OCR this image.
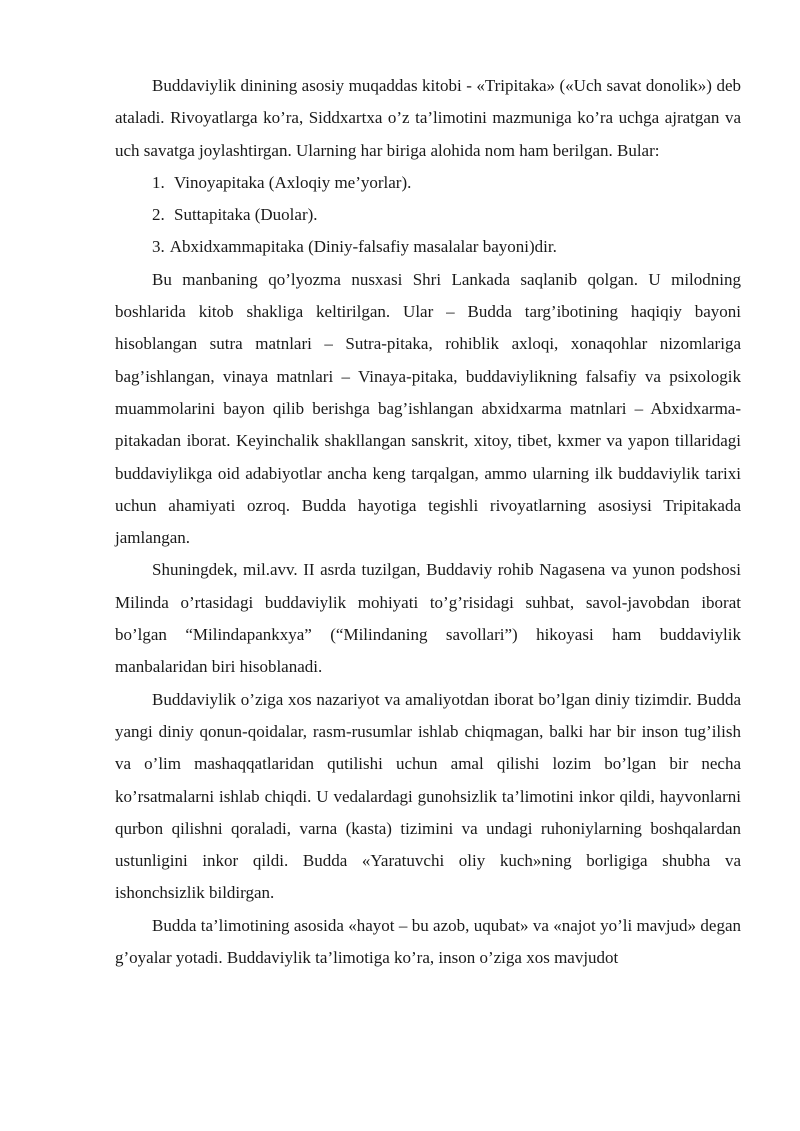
Buddaviylik dinining asosiy muqaddas kitobi - «Tripitaka» («Uch savat donolik») deb ataladi. Rivoyatlarga ko’ra, Siddxartxa o’z ta’limotini mazmuniga ko’ra uchga ajratgan va uch savatga joylashtirgan. Ularning har biriga alohida nom ham berilgan. Bular:

1. Vinoyapitaka (Axloqiy me’yorlar).

2. Suttapitaka (Duolar).

3. Abxidxammapitaka (Diniy-falsafiy masalalar bayoni)dir.

Bu manbaning qo’lyozma nusxasi Shri Lankada saqlanib qolgan. U milodning boshlarida kitob shakliga keltirilgan. Ular – Budda targ’ibotining haqiqiy bayoni hisoblangan sutra matnlari – Sutra-pitaka, rohiblik axloqi, xonaqohlar nizomlariga bag’ishlangan, vinaya matnlari – Vinaya-pitaka, buddaviylikning falsafiy va psixologik muammolarini bayon qilib berishga bag’ishlangan abxidxarma matnlari – Abxidxarma-pitakadan iborat. Keyinchalik shakllangan sanskrit, xitoy, tibet, kxmer va yapon tillaridagi buddaviylikga oid adabiyotlar ancha keng tarqalgan, ammo ularning ilk buddaviylik tarixi uchun ahamiyati ozroq. Budda hayotiga tegishli rivoyatlarning asosiysi Tripitakada jamlangan.

Shuningdek, mil.avv. II asrda tuzilgan, Buddaviy rohib Nagasena va yunon podshosi Milinda o’rtasidagi buddaviylik mohiyati to’g’risidagi suhbat, savol-javobdan iborat bo’lgan “Milindapankxya” (“Milindaning savollari”) hikoyasi ham buddaviylik manbalaridan biri hisoblanadi.

Buddaviylik o’ziga xos nazariyot va amaliyotdan iborat bo’lgan diniy tizimdir. Budda yangi diniy qonun-qoidalar, rasm-rusumlar ishlab chiqmagan, balki har bir inson tug’ilish va o’lim mashaqqatlaridan qutilishi uchun amal qilishi lozim bo’lgan bir necha ko’rsatmalarni ishlab chiqdi. U vedalardagi gunohsizlik ta’limotini inkor qildi, hayvonlarni qurbon qilishni qoraladi, varna (kasta) tizimini va undagi ruhoniylarning boshqalardan ustunligini inkor qildi. Budda «Yaratuvchi oliy kuch»ning borligiga shubha va ishonchsizlik bildirgan.

Budda ta’limotining asosida «hayot – bu azob, uqubat» va «najot yo’li mavjud» degan g’oyalar yotadi. Buddaviylik ta’limotiga ko’ra, inson o’ziga xos mavjudot
